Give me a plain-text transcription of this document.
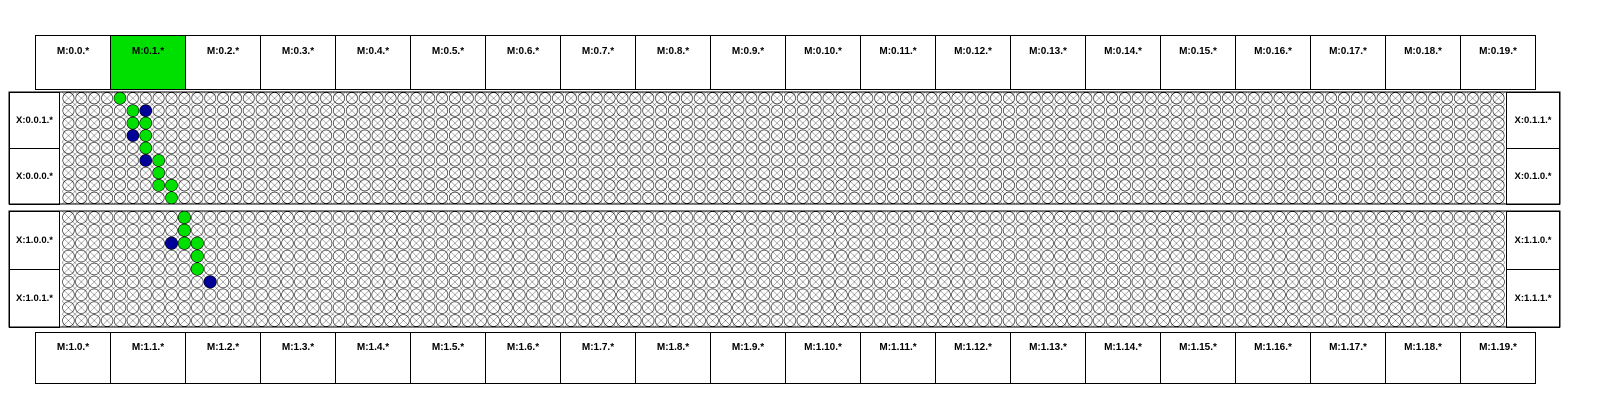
M:0.0.*	M:0.1.*	M:0.2.*	M:0.3.*	M:0.4.*	M:0.5.*	M:0.6.*	M:0.7.*	M:0.8.*	M:0.9.*	M:0.10.*	M:0.11.*	M:0.12.*	M:0.13.*	M:0.14.*	M:0.15.*	M:0.16.*	M:0.17.*	M:0.18.*	M:0.19.*
M:1.0.*	M:1.1.*	M:1.2.*	M:1.3.*	M:1.4.*	M:1.5.*	M:1.6.*	M:1.7.*	M:1.8.*	M:1.9.*	M:1.10.*	M:1.11.*	M:1.12.*	M:1.13.*	M:1.14.*	M:1.15.*	M:1.16.*	M:1.17.*	M:1.18.*	M:1.19.*
X:0.0.1.*	X:0.1.1.*
X:0.0.0.*	X:0.1.0.*
X:1.0.0.*	X:1.1.0.*
X:1.0.1.*	X:1.1.1.*
